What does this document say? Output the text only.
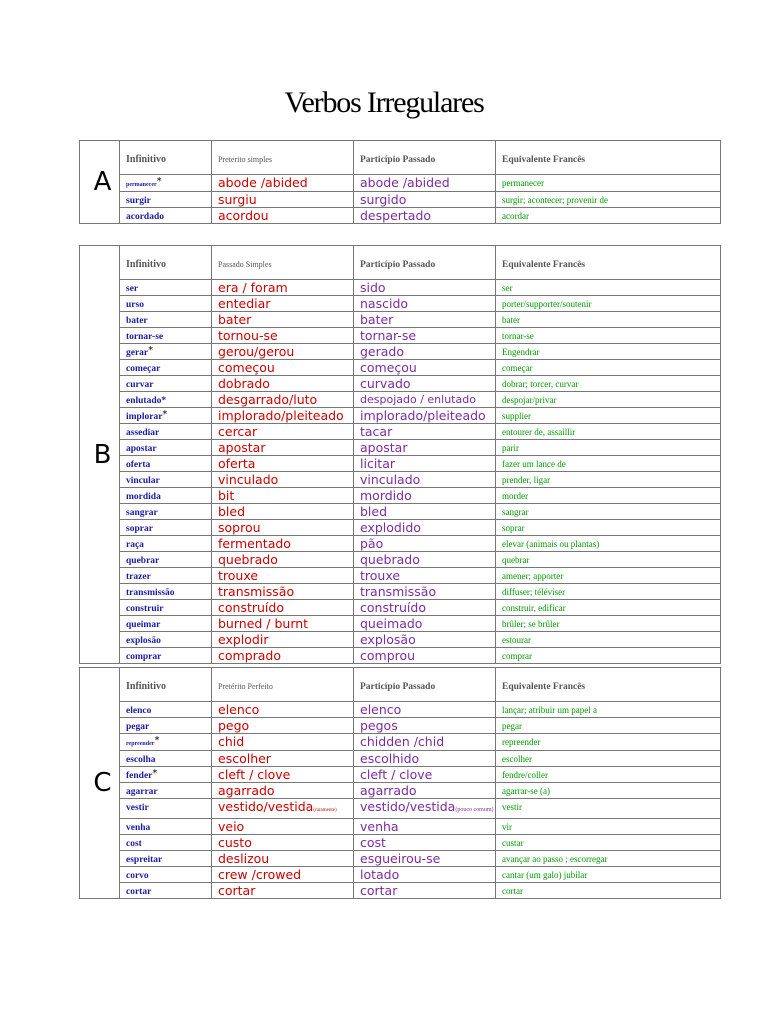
Verbos Irregulares
A	Infinitivo	Preterito simples	Particípio Passado	Equivalente Francês
	permanecer*	abode /abided	abode /abided	permanecer
	surgir	surgiu	surgido	surgir; acontecer; provenir de
	acordado	acordou	despertado	acordar
B	Infinitivo	Passado Simples	Particípio Passado	Equivalente Francês
	ser	era / foram	sido	ser
	urso	entediar	nascido	porter/supporter/soutenir
	bater	bater	bater	bater
	tornar-se	tornou-se	tornar-se	tornar-se
	gerar*	gerou/gerou	gerado	Engendrar
	começar	começou	começou	começar
	curvar	dobrado	curvado	dobrar; torcer, curvar
	enlutado*	desgarrado/luto	despojado / enlutado	despojar/privar
	implorar*	implorado/pleiteado	implorado/pleiteado	supplier
	assediar	cercar	tacar	entourer de, assaillir
	apostar	apostar	apostar	parir
	oferta	oferta	licitar	fazer um lance de
	vincular	vinculado	vinculado	prender, ligar
	mordida	bit	mordido	morder
	sangrar	bled	bled	sangrar
	soprar	soprou	explodido	soprar
	raça	fermentado	pão	elevar (animais ou plantas)
	quebrar	quebrado	quebrado	quebrar
	trazer	trouxe	trouxe	amener; apporter
	transmissão	transmissão	transmissão	diffuser; téléviser
	construir	construído	construído	construir, edificar
	queimar	burned / burnt	queimado	brûler; se brûler
	explosão	explodir	explosão	estourar
	comprar	comprado	comprou	comprar
C	Infinitivo	Pretérito Perfeito	Particípio Passado	Equivalente Francês
	elenco	elenco	elenco	lançar; atribuir um papel a
	pegar	pego	pegos	pegar
	repreender*	chid	chidden /chid	repreender
	escolha	escolher	escolhido	escolher
	fender*	cleft / clove	cleft / clove	fendre/coller
	agarrar	agarrado	agarrado	agarrar-se (a)
	vestir	vestido/vestida(raramente)	vestido/vestida(pouco comum)	vestir
	venha	veio	venha	vir
	cost	custo	cost	custar
	espreitar	deslizou	esgueirou-se	avançar ao passo ; escorregar
	corvo	crew /crowed	lotado	cantar (um galo) jubilar
	cortar	cortar	cortar	cortar
